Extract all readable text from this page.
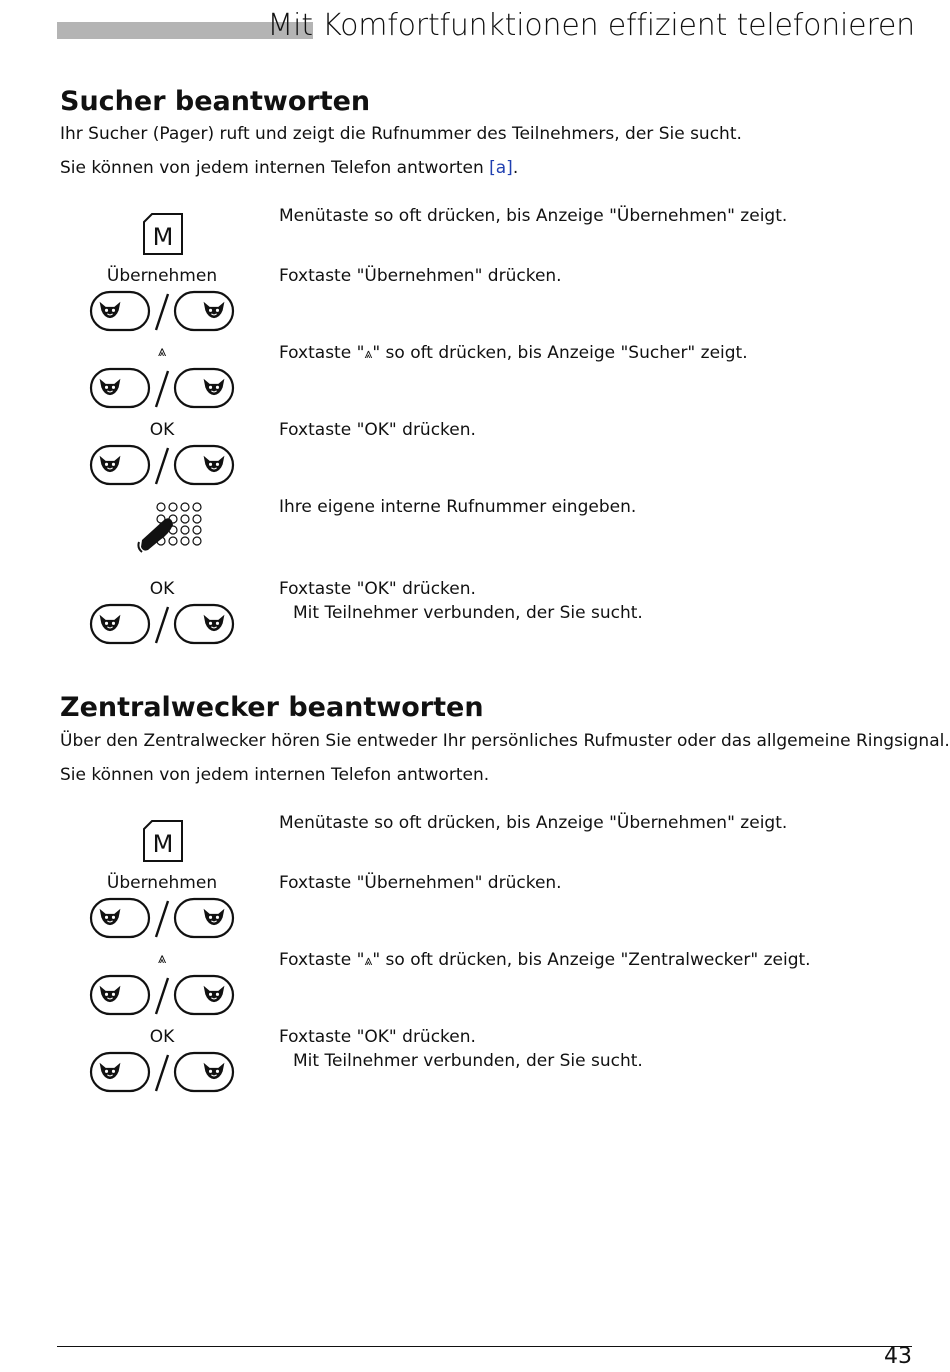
Mit Komfortfunktionen effizient telefonieren
Sucher beantworten
Ihr Sucher (Pager) ruft und zeigt die Rufnummer des Teilnehmers, der Sie sucht.
Sie können von jedem internen Telefon antworten [a].
M
Menütaste so oft drücken, bis Anzeige "Übernehmen" zeigt.
Übernehmen	Foxtaste "Übernehmen" drücken.
⩓	Foxtaste "⩓" so oft drücken, bis Anzeige "Sucher" zeigt.
OK	Foxtaste "OK" drücken.
Ihre eigene interne Rufnummer eingeben.
OK	Foxtaste "OK" drücken.
Mit Teilnehmer verbunden, der Sie sucht.
Zentralwecker beantworten
Über den Zentralwecker hören Sie entweder Ihr persönliches Rufmuster oder das allgemeine Ringsignal.
Sie können von jedem internen Telefon antworten.
M
Menütaste so oft drücken, bis Anzeige "Übernehmen" zeigt.
Übernehmen	Foxtaste "Übernehmen" drücken.
⩓	Foxtaste "⩓" so oft drücken, bis Anzeige "Zentralwecker" zeigt.
OK	Foxtaste "OK" drücken.
Mit Teilnehmer verbunden, der Sie sucht.
43
